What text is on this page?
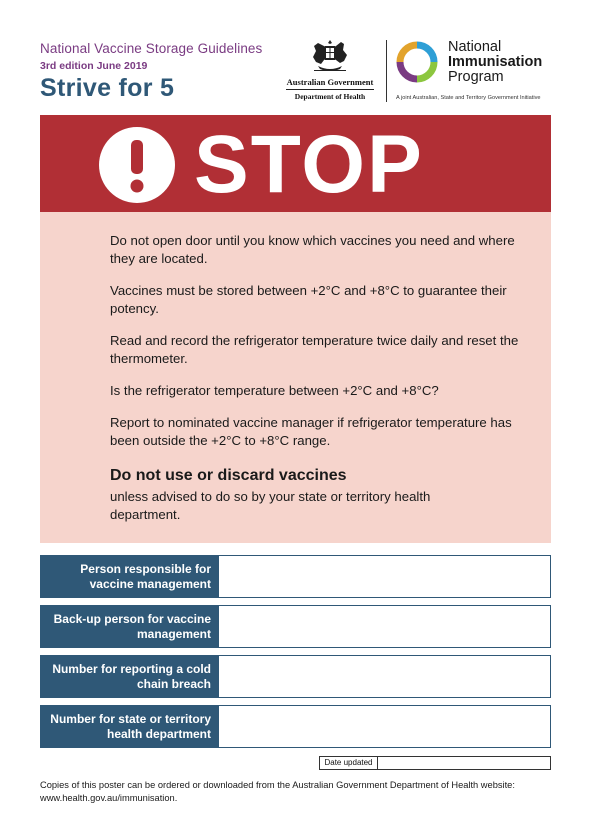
National Vaccine Storage Guidelines
3rd edition June 2019
Strive for 5	Australian Government
Department of Health
National
Immunisation
Program
A joint Australian, State and Territory Government Initiative
STOP
Do not open door until you know which vaccines you need and where they are located.
Vaccines must be stored between +2°C and +8°C to guarantee their potency.
Read and record the refrigerator temperature twice daily and reset the thermometer.
Is the refrigerator temperature between +2°C and +8°C?
Report to nominated vaccine manager if refrigerator temperature has been outside the +2°C to +8°C range.
Do not use or discard vaccines
unless advised to do so by your state or territory health department.
Person responsible for vaccine management
Back-up person for vaccine management
Number for reporting a cold chain breach
Number for state or territory health department
Date updated
Copies of this poster can be ordered or downloaded from the Australian Government Department of Health website: www.health.gov.au/immunisation.
